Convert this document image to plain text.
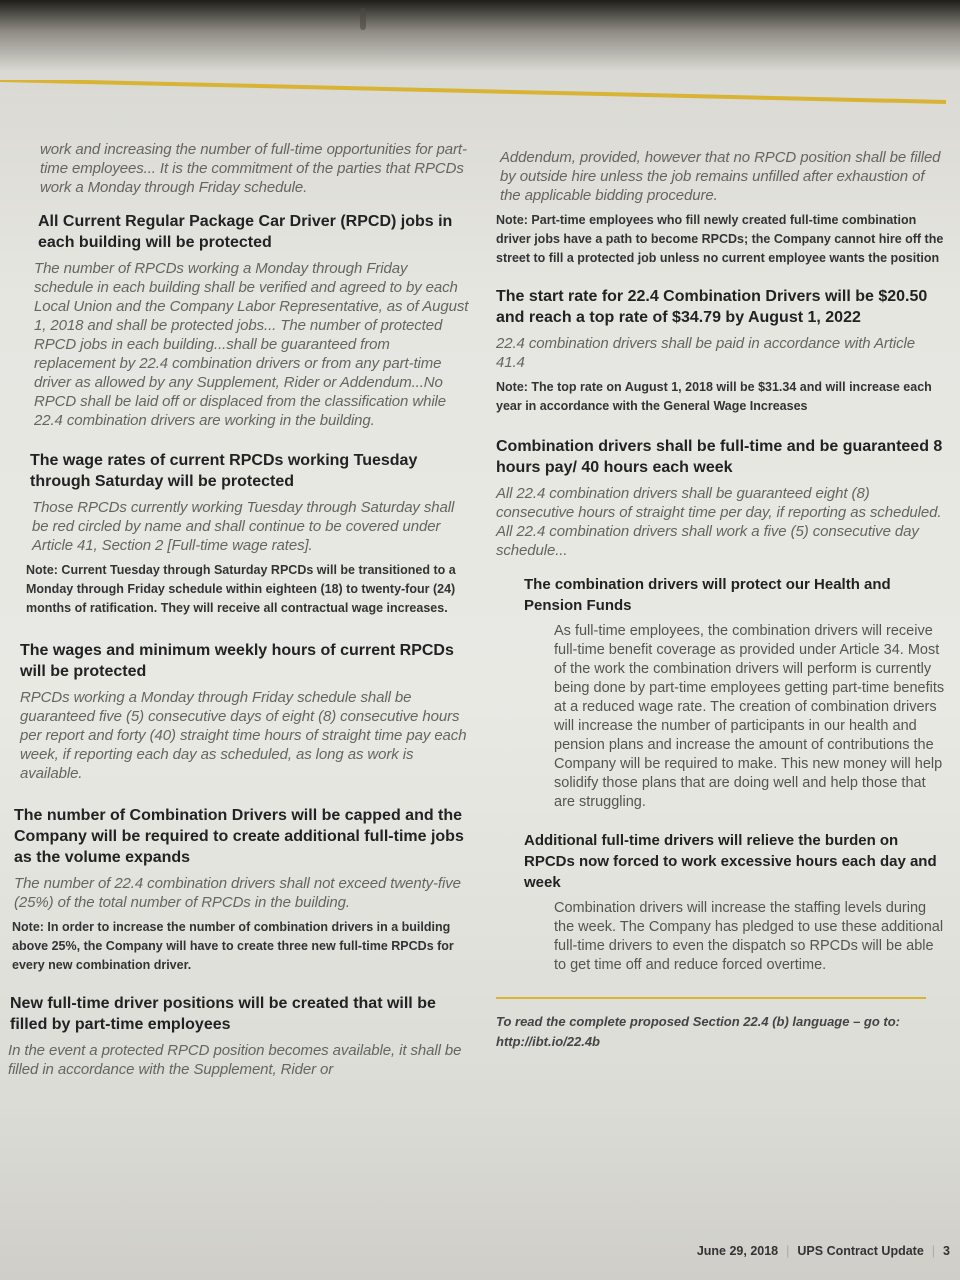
work and increasing the number of full-time opportunities for part-time employees... It is the commitment of the parties that RPCDs work a Monday through Friday schedule.

All Current Regular Package Car Driver (RPCD) jobs in each building will be protected

The number of RPCDs working a Monday through Friday schedule in each building shall be verified and agreed to by each Local Union and the Company Labor Representative, as of August 1, 2018 and shall be protected jobs... The number of protected RPCD jobs in each building...shall be guaranteed from replacement by 22.4 combination drivers or from any part-time driver as allowed by any Supplement, Rider or Addendum...No RPCD shall be laid off or displaced from the classification while 22.4 combination drivers are working in the building.

The wage rates of current RPCDs working Tuesday through Saturday will be protected

Those RPCDs currently working Tuesday through Saturday shall be red circled by name and shall continue to be covered under Article 41, Section 2 [Full-time wage rates].

Note: Current Tuesday through Saturday RPCDs will be transitioned to a Monday through Friday schedule within eighteen (18) to twenty-four (24) months of ratification. They will receive all contractual wage increases.

The wages and minimum weekly hours of current RPCDs will be protected

RPCDs working a Monday through Friday schedule shall be guaranteed five (5) consecutive days of eight (8) consecutive hours per report and forty (40) straight time hours of straight time pay each week, if reporting each day as scheduled, as long as work is available.

The number of Combination Drivers will be capped and the Company will be required to create additional full-time jobs as the volume expands

The number of 22.4 combination drivers shall not exceed twenty-five (25%) of the total number of RPCDs in the building.

Note: In order to increase the number of combination drivers in a building above 25%, the Company will have to create three new full-time RPCDs for every new combination driver.

New full-time driver positions will be created that will be filled by part-time employees

In the event a protected RPCD position becomes available, it shall be filled in accordance with the Supplement, Rider or

Addendum, provided, however that no RPCD position shall be filled by outside hire unless the job remains unfilled after exhaustion of the applicable bidding procedure.

Note: Part-time employees who fill newly created full-time combination driver jobs have a path to become RPCDs; the Company cannot hire off the street to fill a protected job unless no current employee wants the position

The start rate for 22.4 Combination Drivers will be $20.50 and reach a top rate of $34.79 by August 1, 2022

22.4 combination drivers shall be paid in accordance with Article 41.4

Note: The top rate on August 1, 2018 will be $31.34 and will increase each year in accordance with the General Wage Increases

Combination drivers shall be full-time and be guaranteed 8 hours pay/ 40 hours each week

All 22.4 combination drivers shall be guaranteed eight (8) consecutive hours of straight time per day, if reporting as scheduled. All 22.4 combination drivers shall work a five (5) consecutive day schedule...

The combination drivers will protect our Health and Pension Funds

As full-time employees, the combination drivers will receive full-time benefit coverage as provided under Article 34. Most of the work the combination drivers will perform is currently being done by part-time employees getting part-time benefits at a reduced wage rate. The creation of combination drivers will increase the number of participants in our health and pension plans and increase the amount of contributions the Company will be required to make. This new money will help solidify those plans that are doing well and help those that are struggling.

Additional full-time drivers will relieve the burden on RPCDs now forced to work excessive hours each day and week

Combination drivers will increase the staffing levels during the week. The Company has pledged to use these additional full-time drivers to even the dispatch so RPCDs will be able to get time off and reduce forced overtime.

To read the complete proposed Section 22.4 (b) language – go to: http://ibt.io/22.4b

June 29, 2018 | UPS Contract Update | 3
